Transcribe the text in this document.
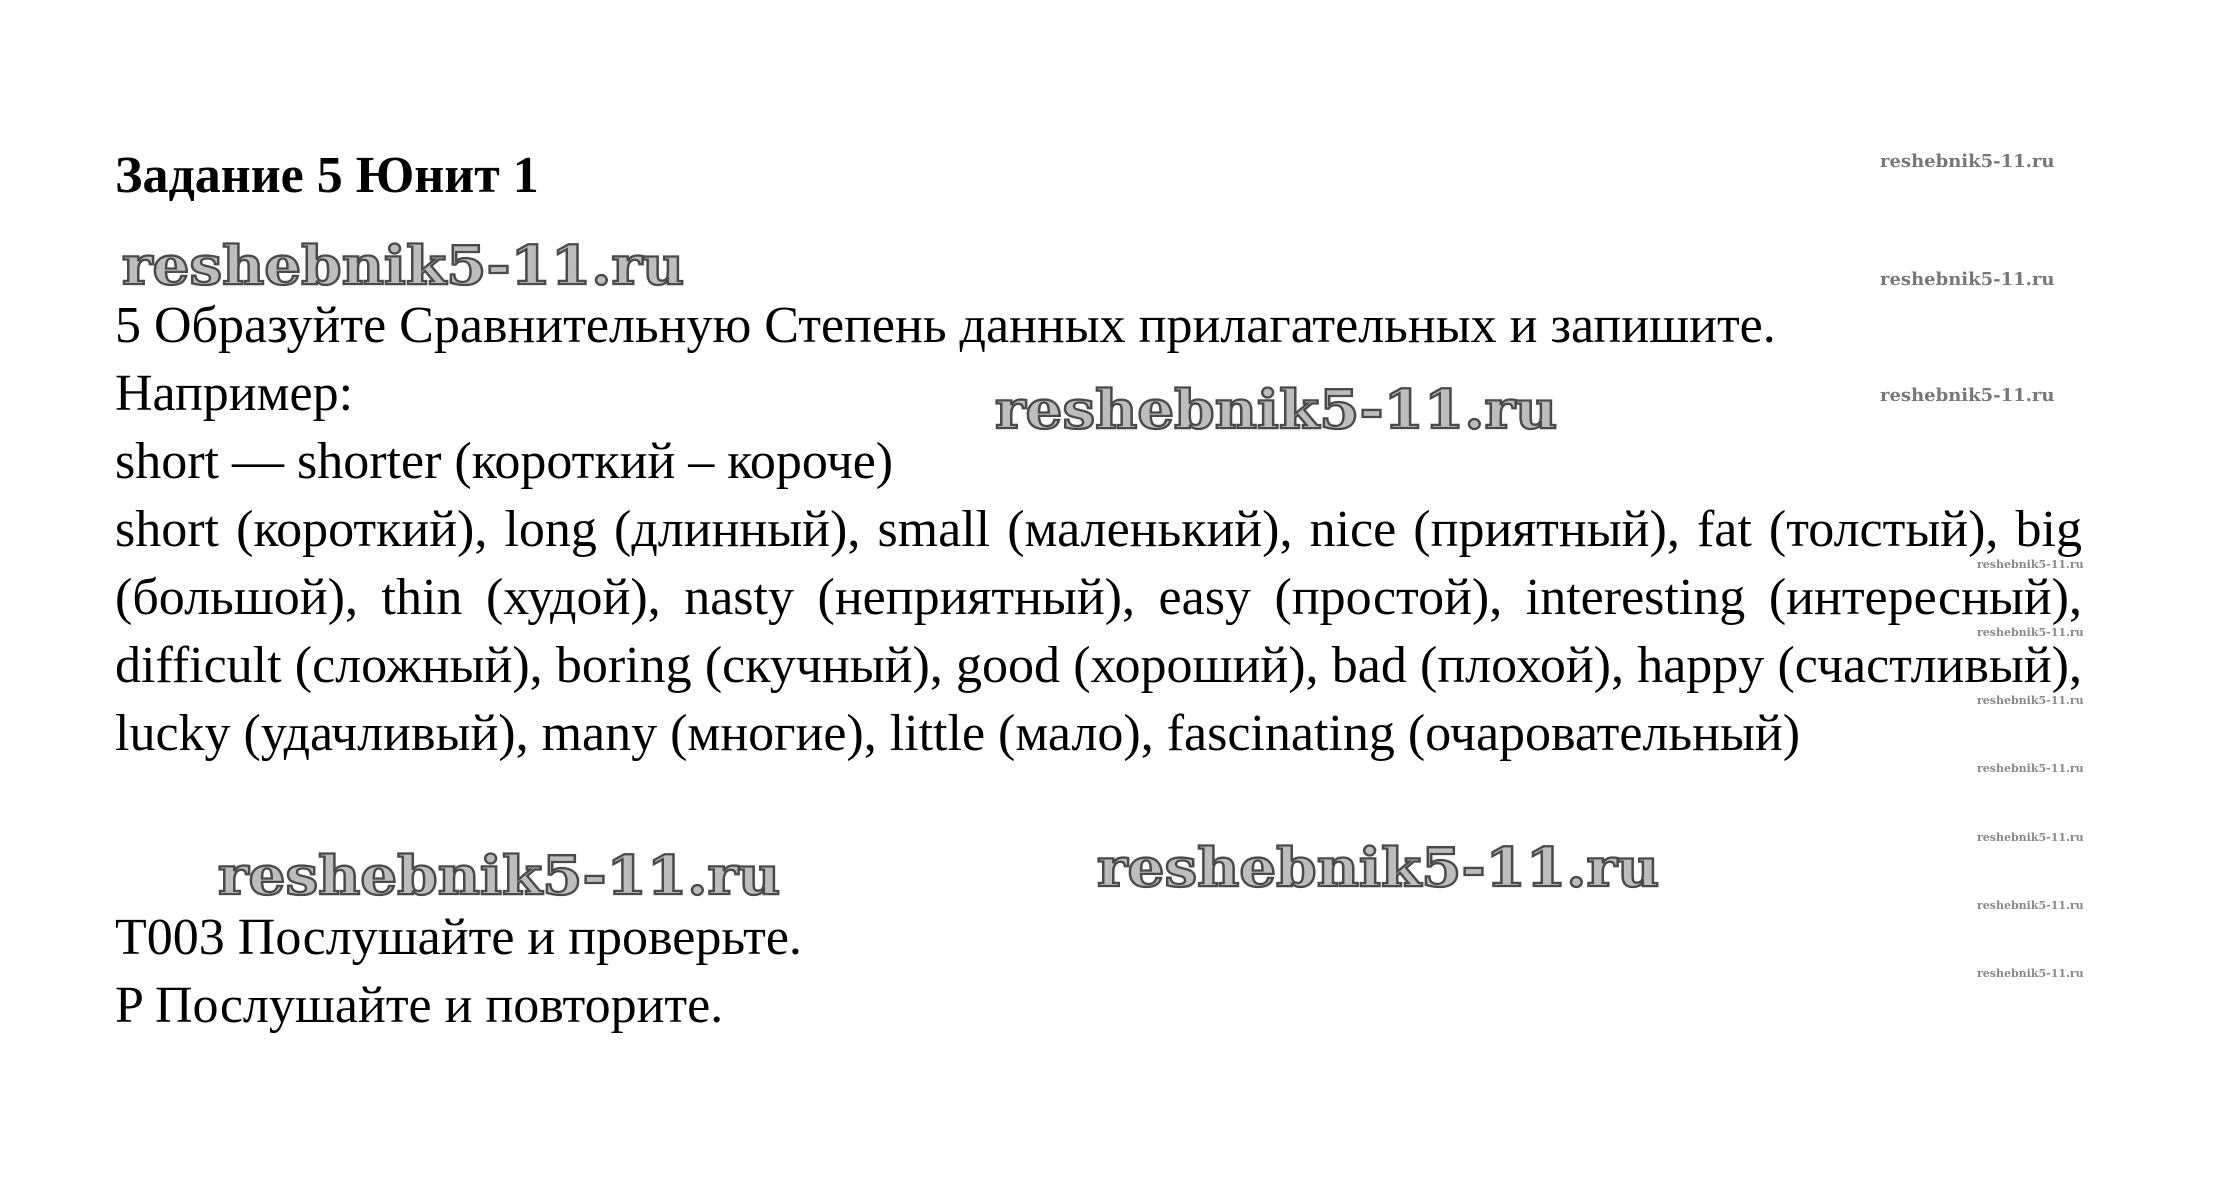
Задание 5 Юнит 1
5 Образуйте Сравнительную Степень данных прилагательных и запишите.
Например:
short — shorter (короткий – короче)
short (короткий), long (длинный), small (маленький), nice (приятный), fat (толстый), big (большой), thin (худой), nasty (неприятный), easy (простой), interesting (интересный), difficult (сложный), boring (скучный), good (хороший), bad (плохой), happy (счастливый), lucky (удачливый), many (многие), little (мало), fascinating (очаровательный)
T003 Послушайте и проверьте.
P Послушайте и повторите.
reshebnik5-11.ru
reshebnik5-11.ru
reshebnik5-11.ru	reshebnik5-11.ru
reshebnik5-11.ru
reshebnik5-11.ru
reshebnik5-11.ru
reshebnik5-11.ru
reshebnik5-11.ru
reshebnik5-11.ru
reshebnik5-11.ru
reshebnik5-11.ru
reshebnik5-11.ru
reshebnik5-11.ru
